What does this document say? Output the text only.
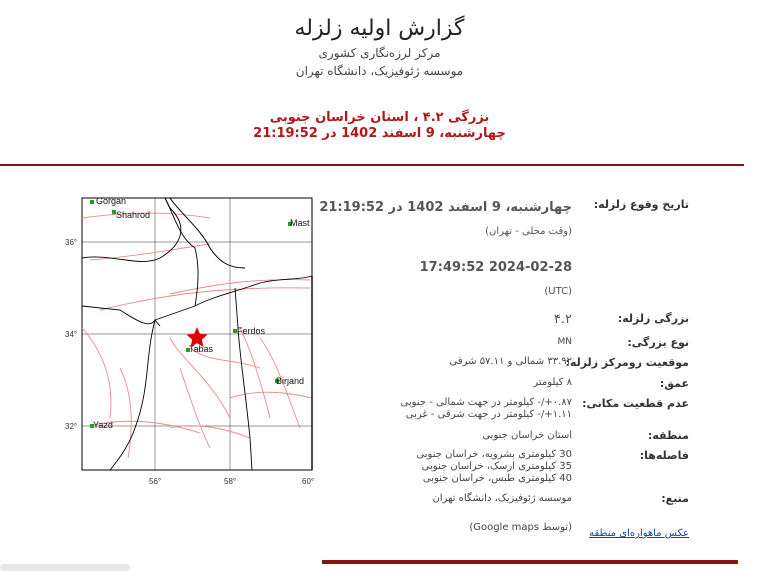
گزارش اولیه زلزله
مرکز لرزه‌نگاری کشوری
موسسه ژئوفیزیک، دانشگاه تهران
بزرگی ۴.۲ ، استان خراسان جنوبی
چهارشنبه، 9 اسفند 1402 در 21:19:52
Gorgan
Shahrod
Mast
Ferdos
Tabas
Birjand
Yazd
36°
34°
32°
56°	58°	60°
تاریخ وقوع زلزله:
چهارشنبه، 9 اسفند 1402 در 21:19:52
(وقت محلی - تهران)
2024-02-28 17:49:52
(UTC)
بزرگی زلزله:
۴.۲
نوع بزرگی:
MN
موقعیت رومرکز زلزله:
۳۳.۹۲ شمالی و ۵۷.۱۱ شرقی
عمق:
۸ کیلومتر
عدم قطعیت مکانی:
۰.۸۷+/- کیلومتر در جهت شمالی - جنوبی
۱.۱۱+/- کیلومتر در جهت شرقی - غربی
منطقه:
استان خراسان جنوبی
فاصله‌ها:
30 کیلومتری بشرویه، خراسان جنوبی
35 کیلومتری ارسک، خراسان جنوبی
40 کیلومتری طبس، خراسان جنوبی
منبع:
موسسه ژئوفیزیک، دانشگاه تهران
(توسط Google maps)
عکس ماهواره‌ای منطقه
